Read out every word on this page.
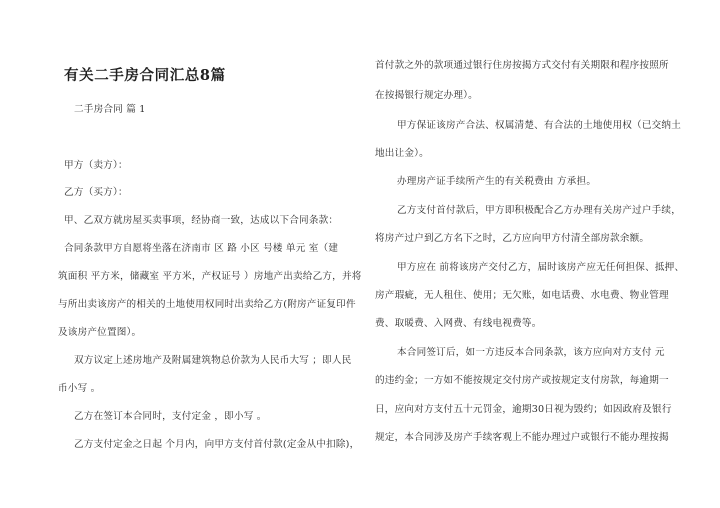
有关二手房合同汇总8篇
二手房合同 篇 1
甲方（卖方）：
乙方（买方）：
甲、乙双方就房屋买卖事项，经协商一致，达成以下合同条款：
合同条款甲方自愿将坐落在济南市 区 路 小区 号楼 单元 室（建
筑面积 平方米，储藏室 平方米，产权证号 ）房地产出卖给乙方，并将
与所出卖该房产的相关的土地使用权同时出卖给乙方(附房产证复印件
及该房产位置图）。
双方议定上述房地产及附属建筑物总价款为人民币大写 ；即人民
币小写 。
乙方在签订本合同时，支付定金 ，即小写 。
乙方支付定金之日起 个月内，向甲方支付首付款(定金从中扣除)，
首付款之外的款项通过银行住房按揭方式交付有关期限和程序按照所
在按揭银行规定办理）。
甲方保证该房产合法、权属清楚、有合法的土地使用权（已交纳土
地出让金）。
办理房产证手续所产生的有关税费由 方承担。
乙方支付首付款后，甲方即积极配合乙方办理有关房产过户手续，
将房产过户到乙方名下之时，乙方应向甲方付清全部房款余额。
甲方应在 前将该房产交付乙方，届时该房产应无任何担保、抵押、
房产瑕疵，无人租住、使用；无欠账，如电话费、水电费、物业管理
费、取暖费、入网费、有线电视费等。
本合同签订后，如一方违反本合同条款，该方应向对方支付 元
的违约金；一方如不能按规定交付房产或按规定支付房款，每逾期一
日，应向对方支付五十元罚金，逾期30日视为毁约；如因政府及银行
规定，本合同涉及房产手续客观上不能办理过户或银行不能办理按揭
